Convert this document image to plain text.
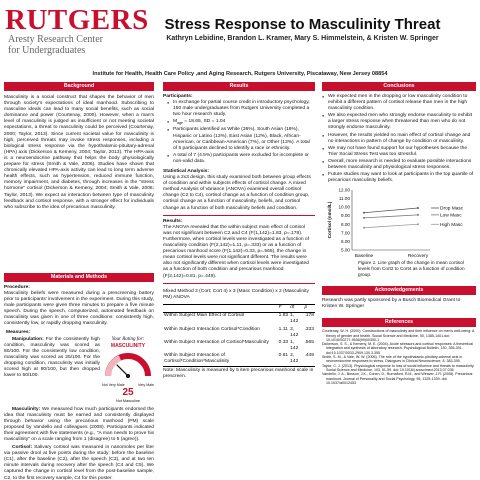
RUTGERS
Aresty Research Center
for Undergraduates
Stress Response to Masculinity Threat
Kathryn Lebidine, Brandon L. Kramer, Mary S. Himmelstein, & Kristen W. Springer
Institute for Health, Health Care Policy ,and Aging Research, Rutgers University, Piscataway, New Jersey 08854
Background
Masculinity is a social construct that shapes the behavior of men through society's expectations of ideal manhood. Subscribing to masculine ideals can lead to many social benefits, such as social dominance and power (Courtenay, 2000). However, when a man's level of masculinity is judged as insufficient or not meeting societal expectations, a threat to masculinity could be perceived (Courtenay, 2000; Taylor, 2013). Since current societal value for masculinity is high, perceived threats may invoke stress responses, including a biological stress response via the hypothalamic-pituitary-adrenal (HPA) axis (Dickerson & Kemeny, 2004; Taylor, 2013). The HPA-axis is a neuroendocrine pathway that helps the body physiologically prepare for stress (Smith & Vale, 2006). Studies have shown that chronically elevated HPA-axis activity can lead to long term adverse health effects, such as hypertension, reduced immune function, memory impairment, and diabetes, through increases in the "stress hormone" cortisol (Dickerson & Kemeny, 2004; Smith & Vale, 2006; Taylor, 2013). We expect an interaction between type of masculinity feedback and cortisol response, with a stronger effect for individuals who subscribe to the idea of precarious masculinity.
Materials and Methods
Procedure:
Masculinity beliefs were measured during a prescreening battery prior to participants' involvement in the experiment. During this study, male participants were given three minutes to prepare a five minute speech. During the speech, computerized, automated feedback on masculinity was given in one of three conditions: consistently high, consistently low, or rapidly dropping masculinity.
Measures:
Manipulation: For the consistently high condition, masculinity was scored as 80/100. For the consistently low condition, masculinity was scored as 25/100. For the dropping condition, masculinity was initially scored high at 80/100, but then dropped lower to 50/100.
Your Rating for:
MASCULINITY
Not Very Male	Very Male
25
Not Masculine
Masculinity: We measured how much participants endorsed the idea that masculinity must be earned and consistently displayed through behavior using the precarious manhood (PM) scale proposed by Vandello and colleagues (2008). Participants indicated their agreement with five statements (e.g., "A man needs to prove his masculinity" on a scale ranging from 1 (disagree) to 5 (agree)).
Cortisol: Salivary cortisol was measured in nanomoles per liter via passive drool at five points during the study: before the baseline (C1), after the baseline (C2), after the speech (C3), and at two ten minute intervals during recovery after the speech (C4 and C5). We captured the change in cortisol level from the post-baseline sample, C2, to the first recovery sample, C4 for this poster.
Results
Participants:
● In exchange for partial course credit in introductory psychology, 150 male undergraduates from Rutgers University completed a two hour research study.
● $M_{age} = 18.65$, SD = 1.04
● Participants identified as White (36%), South Asian (19%), Hispanic or Latino (13%), East Asian (12%), Black, African-American, or Caribbean-American (7%), or Other (13%). A total of 5 participants declined to identify a race or ethnicity.
● A total of 7 (4.5%) participants were excluded for incomplete or non-valid data.
Statistical Analysis:
Using a 2x3 design, this study examined both between group effects of condition and within subjects effects of cortisol change. A mixed method Analysis of Variance (ANOVA) examined overall cortisol change (C2 to C4), cortisol change as a function of condition group, cortisol change as a function of masculinity, beliefs, and cortisol change as a function of both masculinity beliefs and condition.
Results:
The ANOVA revealed that the within subject main effect of cortisol was not significant between C2 and C4 (F(1,142)=1.83, p=.178). Furthermore, when cortisol levels were investigated as a function of masculinity condition (F(2,142)=1.11, p=.333) or as a function of precarious manhood score (F(1,142)=0.33, p=.565), the change in mean cortisol levels were not significant different. The results were also not significantly different when cortisol levels were investigated as a function of both condition and precarious manhood (F(2,142)=0.81, p=.449).
Mixed Method 2 (Cort; Cort 4) x 3 (Masc Condition) x 2 (Masculinity PM) ANOVA
	F	df	p
Within Subject Main Effect of Cortisol	1.83	1, 142	.178
Within Subject Interaction Cortisol*Condition	1.11	2, 142	.333
Within Subject Interaction of Cortisol*Masculinity	0.33	1, 142	.565
Within Subject Interaction of Cortisol*Condition*Masculinity	0.81	2, 142	.449

Note: Masculinity is measured by 5 item precarious manhood scale in prescreen.
Conclusions
● We expected men in the dropping or low masculinity condition to exhibit a different pattern of cortisol release than men in the high masculinity condition.
● We also expected men who strongly endorse masculinity to exhibit a larger stress response when threatened than men who do not strongly endorse masculinity.
● However, the results yielded no main effect of cortisol change and no interactions in pattern of change by condition or masculinity.
● We may not have found support for our hypotheses because the Trier Social Stress Test was too stressful.
● Overall, more research is needed to evaluate possible interactions between masculinity and physiological stress responses.
● Future studies may want to look at participants in the top quartile of precarious masculinity beliefs.
12.00
11.00
10.00
9.00
8.00
7.00
6.00
5.00
Baseline	Recovery
Cortisol (nmol/L)	Drop Masc
Low Masc
High Masc
Figure 1. Line graph of the change in mean cortisol levels from Cort2 to Cort4 as a function of condition group.
Acknowledgements
Research was partly sponsored by a Busch Biomedical Grant to Kristen W. Springer
References
Courtenay, W. H. (2000). Constructions of masculinity and their influence on men's well-being: A theory of gender and health. Social Science and Medicine, 50, 1385-1401.doi: 10.1016/S0277-9536(99)00390-1
Dickerson, S. S., & Kemeny, M. E. (2004). Acute stressors and cortisol responses: A theoretical integration and synthesis of laboratory research. Psychological Bulletin, 130, 355-391. doi:10.1037/0033-2909.130.3.355
Smith, S. M., & Vale, W. W. (2006). The role of the hypothalamic-pituitary-adrenal axis in neuroendocrine responses to stress. Dialogues in Clinical Neuroscience, 8, 383-395.
Taylor, C. J. (2013). Physiological response to loss of social influence and threats to masculinity. Social Science and Medicine, 103, 51-59. doi: 10.1016/j.socscimed.2013.07.036
Vandello, J. A., Bosson, J.K., Cohen, D., Burnaford, R.M., and Weaver, J.R. (2008). Precarious manhood. Journal of Personality and Social Psychology, 95, 1325-1339. doi: 10.1037/a0012453
